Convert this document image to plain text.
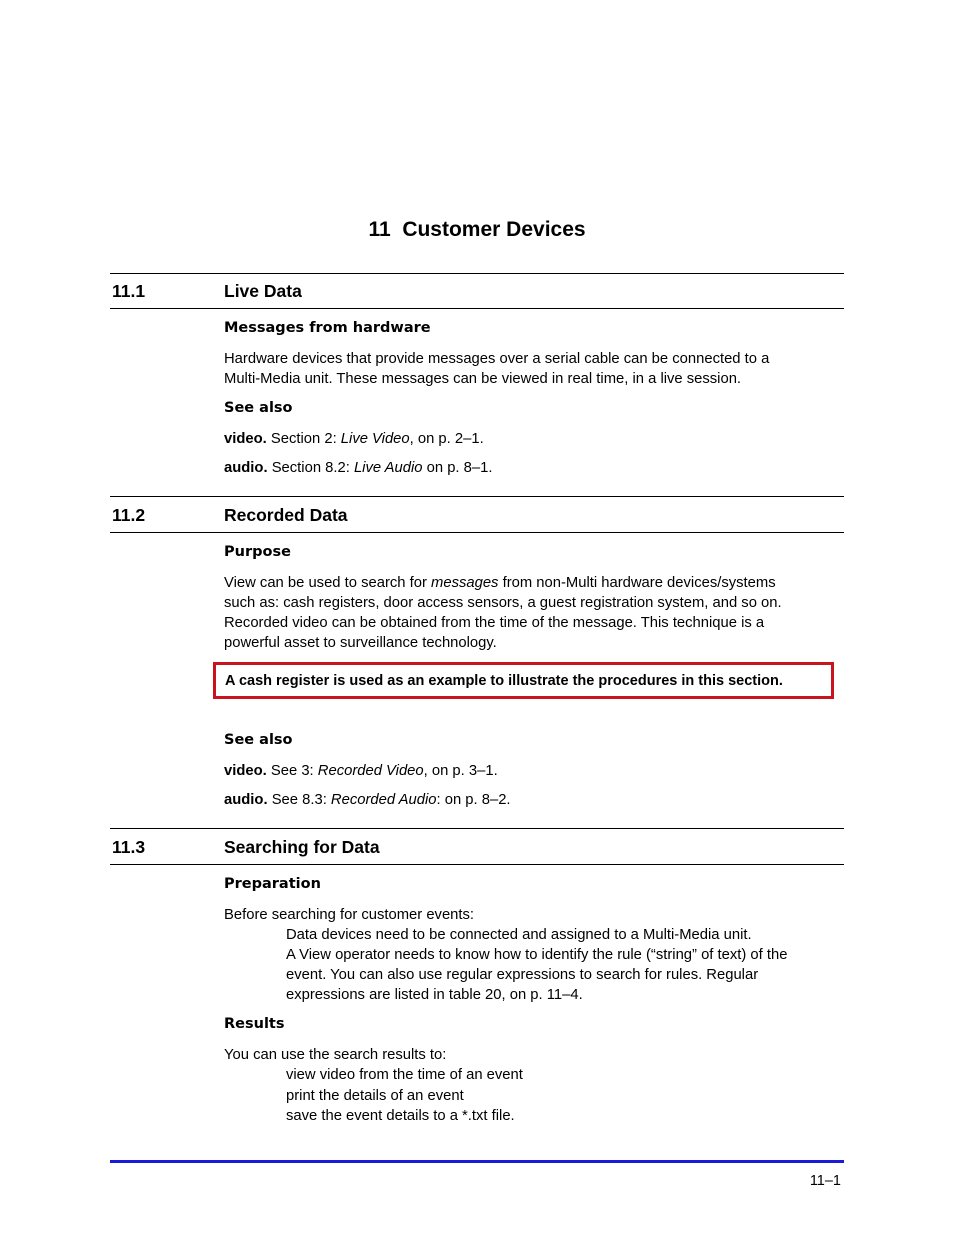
11 Customer Devices
11.1	Live Data
Messages from hardware
Hardware devices that provide messages over a serial cable can be connected to a
Multi-Media unit. These messages can be viewed in real time, in a live session.
See also
video. Section 2: Live Video, on p. 2–1.
audio. Section 8.2: Live Audio on p. 8–1.
11.2	Recorded Data
Purpose
View can be used to search for messages from non-Multi hardware devices/systems
such as: cash registers, door access sensors, a guest registration system, and so on.
Recorded video can be obtained from the time of the message. This technique is a
powerful asset to surveillance technology.
A cash register is used as an example to illustrate the procedures in this section.
See also
video. See 3: Recorded Video, on p. 3–1.
audio. See 8.3: Recorded Audio: on p. 8–2.
11.3	Searching for Data
Preparation
Before searching for customer events:
Data devices need to be connected and assigned to a Multi-Media unit.
A View operator needs to know how to identify the rule (“string” of text) of the
event. You can also use regular expressions to search for rules. Regular
expressions are listed in table 20, on p. 11–4.
Results
You can use the search results to:
view video from the time of an event
print the details of an event
save the event details to a *.txt file.
11–1
